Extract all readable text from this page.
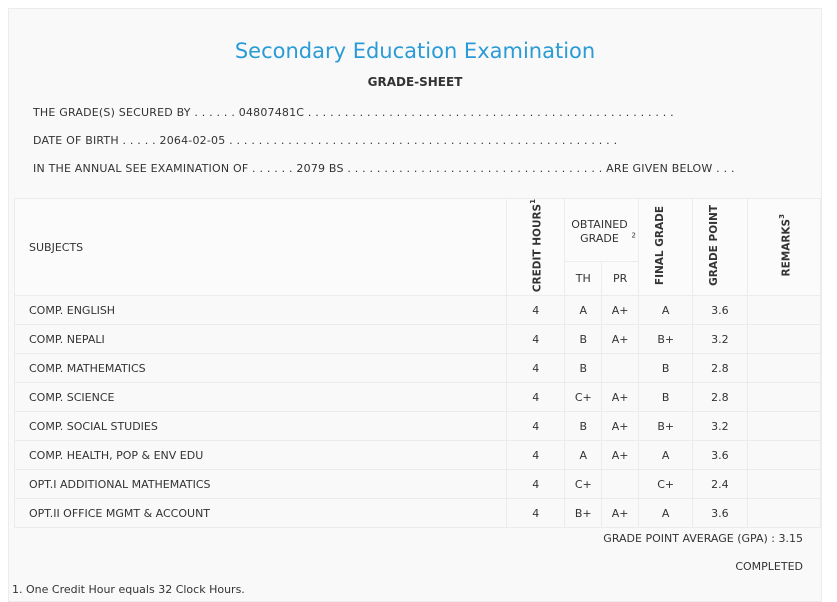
Secondary Education Examination
GRADE-SHEET
THE GRADE(S) SECURED BY . . . . . . 04807481C . . . . . . . . . . . . . . . . . . . . . . . . . . . . . . . . . . . . . . . . . . . . . . . . . .
DATE OF BIRTH . . . . . 2064-02-05 . . . . . . . . . . . . . . . . . . . . . . . . . . . . . . . . . . . . . . . . . . . . . . . . . . . . .
IN THE ANNUAL SEE EXAMINATION OF . . . . . . 2079 BS . . . . . . . . . . . . . . . . . . . . . . . . . . . . . . . . . . . ARE GIVEN BELOW . . .
SUBJECTS	CREDIT HOURS$^1$	OBTAINED GRADE $^2$		FINAL GRADE	GRADE POINT	REMARKS$^3$
		TH	PR			
COMP. ENGLISH	4	A	A+	A	3.6	
COMP. NEPALI	4	B	A+	B+	3.2	
COMP. MATHEMATICS	4	B		B	2.8	
COMP. SCIENCE	4	C+	A+	B	2.8	
COMP. SOCIAL STUDIES	4	B	A+	B+	3.2	
COMP. HEALTH, POP & ENV EDU	4	A	A+	A	3.6	
OPT.I ADDITIONAL MATHEMATICS	4	C+		C+	2.4	
OPT.II OFFICE MGMT & ACCOUNT	4	B+	A+	A	3.6	
GRADE POINT AVERAGE (GPA) : 3.15
COMPLETED
1. One Credit Hour equals 32 Clock Hours.
